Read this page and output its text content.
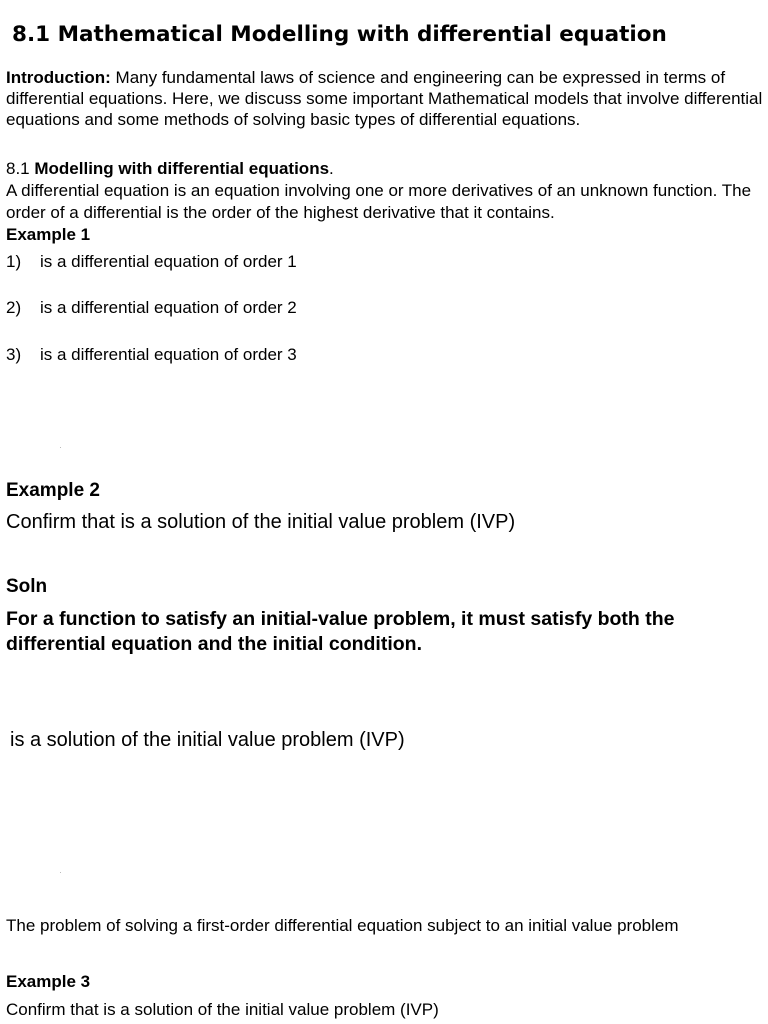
8.1 Mathematical Modelling with differential equation
Introduction: Many fundamental laws of science and engineering can be expressed in terms of differential equations. Here, we discuss some important Mathematical models that involve differential equations and some methods of solving basic types of differential equations.
8.1 Modelling with differential equations.
A differential equation is an equation involving one or more derivatives of an unknown function. The order of a differential is the order of the highest derivative that it contains.
Example 1
1) is a differential equation of order 1
2) is a differential equation of order 2
3) is a differential equation of order 3
Example 2
Confirm that is a solution of the initial value problem (IVP)
Soln
For a function to satisfy an initial-value problem, it must satisfy both the differential equation and the initial condition.
is a solution of the initial value problem (IVP)
The problem of solving a first-order differential equation subject to an initial value problem
Example 3
Confirm that is a solution of the initial value problem (IVP)
